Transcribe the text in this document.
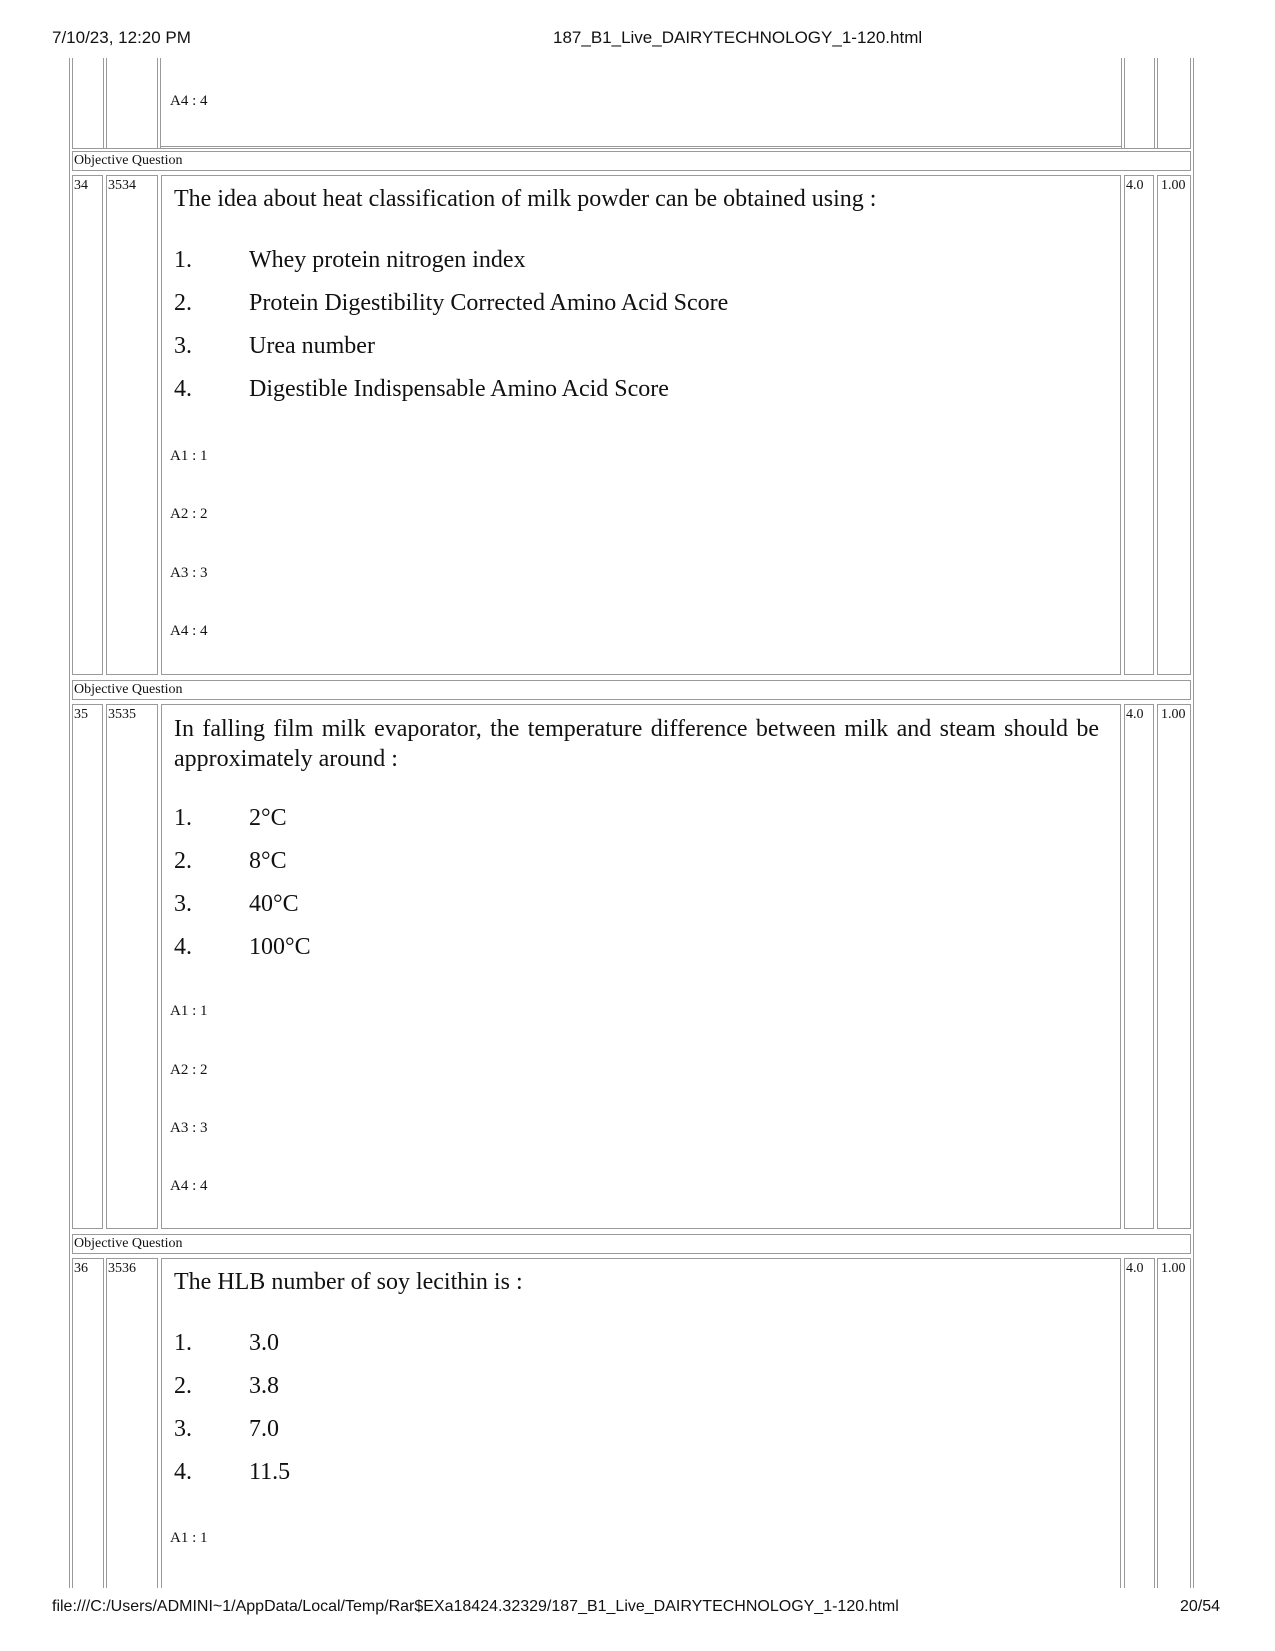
7/10/23, 12:20 PM	187_B1_Live_DAIRYTECHNOLOGY_1-120.html
A4 : 4
Objective Question
34 3534
The idea about heat classification of milk powder can be obtained using :
1. Whey protein nitrogen index
2. Protein Digestibility Corrected Amino Acid Score
3. Urea number
4. Digestible Indispensable Amino Acid Score
A1 : 1
A2 : 2
A3 : 3
A4 : 4
4.0 1.00
Objective Question
35 3535
In falling film milk evaporator, the temperature difference between milk and steam should be approximately around :
1. 2°C
2. 8°C
3. 40°C
4. 100°C
A1 : 1
A2 : 2
A3 : 3
A4 : 4
4.0 1.00
Objective Question
36 3536
The HLB number of soy lecithin is :
1. 3.0
2. 3.8
3. 7.0
4. 11.5
A1 : 1
4.0 1.00
file:///C:/Users/ADMINI~1/AppData/Local/Temp/Rar$EXa18424.32329/187_B1_Live_DAIRYTECHNOLOGY_1-120.html	20/54
